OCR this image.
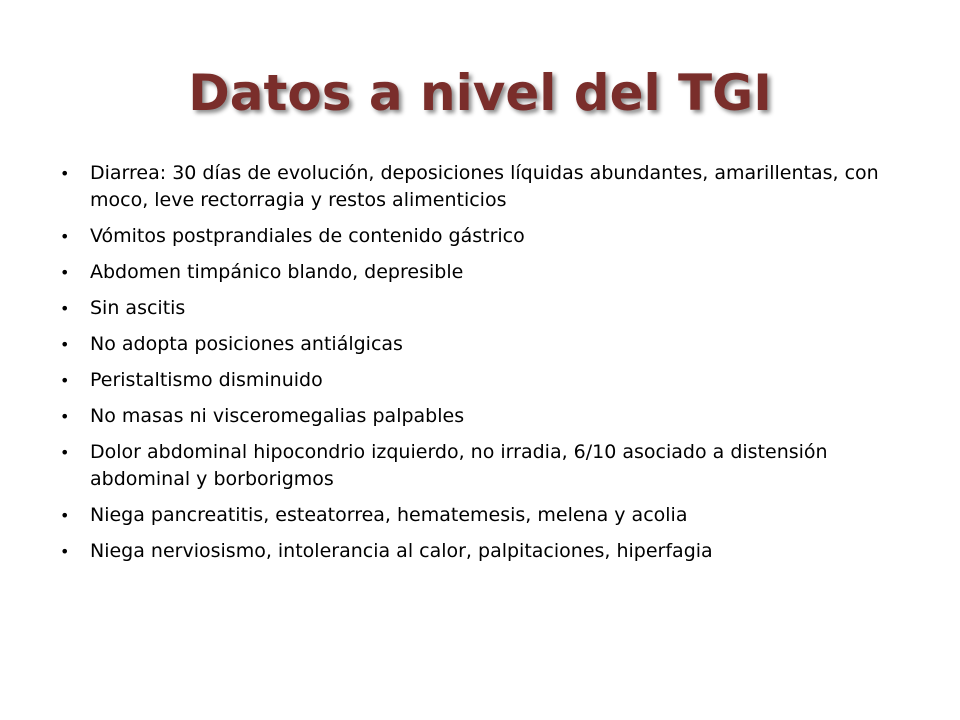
Datos a nivel del TGI
•	Diarrea: 30 días de evolución, deposiciones líquidas abundantes, amarillentas, con moco, leve rectorragia y restos alimenticios
•	Vómitos postprandiales de contenido gástrico
•	Abdomen timpánico blando, depresible
•	Sin ascitis
•	No adopta posiciones antiálgicas
•	Peristaltismo disminuido
•	No masas ni visceromegalias palpables
•	Dolor abdominal hipocondrio izquierdo, no irradia, 6/10 asociado a distensión abdominal y borborigmos
•	Niega pancreatitis, esteatorrea, hematemesis, melena y acolia
•	Niega nerviosismo, intolerancia al calor, palpitaciones, hiperfagia
